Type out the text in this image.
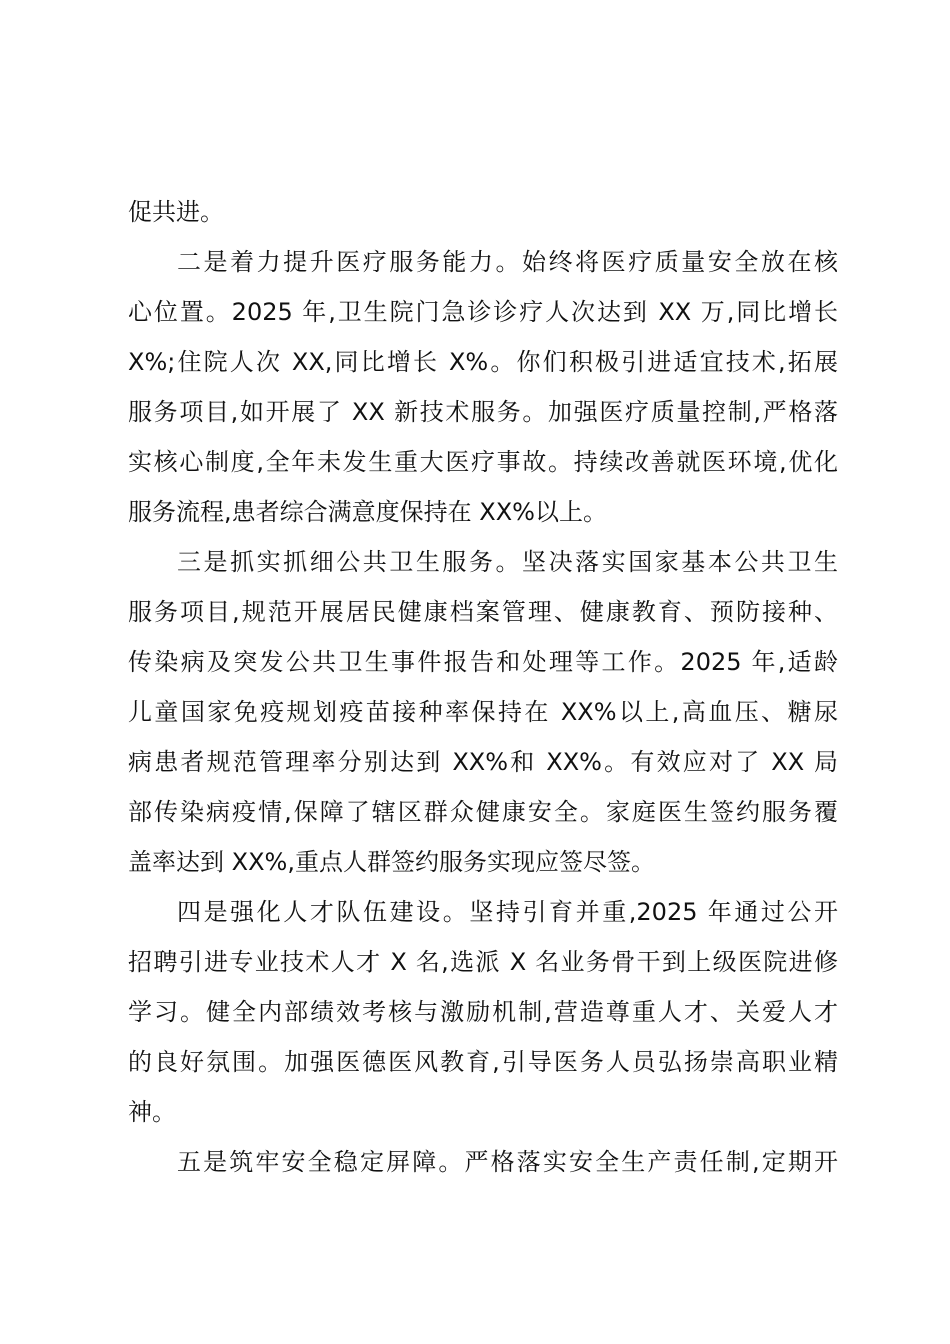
促共进。
二是着力提升医疗服务能力。始终将医疗质量安全放在核
心位置。2025 年,卫生院门急诊诊疗人次达到 XX 万,同比增长
X%;住院人次 XX,同比增长 X%。你们积极引进适宜技术,拓展
服务项目,如开展了 XX 新技术服务。加强医疗质量控制,严格落
实核心制度,全年未发生重大医疗事故。持续改善就医环境,优化
服务流程,患者综合满意度保持在 XX%以上。
三是抓实抓细公共卫生服务。坚决落实国家基本公共卫生
服务项目,规范开展居民健康档案管理、健康教育、预防接种、
传染病及突发公共卫生事件报告和处理等工作。2025 年,适龄
儿童国家免疫规划疫苗接种率保持在 XX%以上,高血压、糖尿
病患者规范管理率分别达到 XX%和 XX%。有效应对了 XX 局
部传染病疫情,保障了辖区群众健康安全。家庭医生签约服务覆
盖率达到 XX%,重点人群签约服务实现应签尽签。
四是强化人才队伍建设。坚持引育并重,2025 年通过公开
招聘引进专业技术人才 X 名,选派 X 名业务骨干到上级医院进修
学习。健全内部绩效考核与激励机制,营造尊重人才、关爱人才
的良好氛围。加强医德医风教育,引导医务人员弘扬崇高职业精
神。
五是筑牢安全稳定屏障。严格落实安全生产责任制,定期开
